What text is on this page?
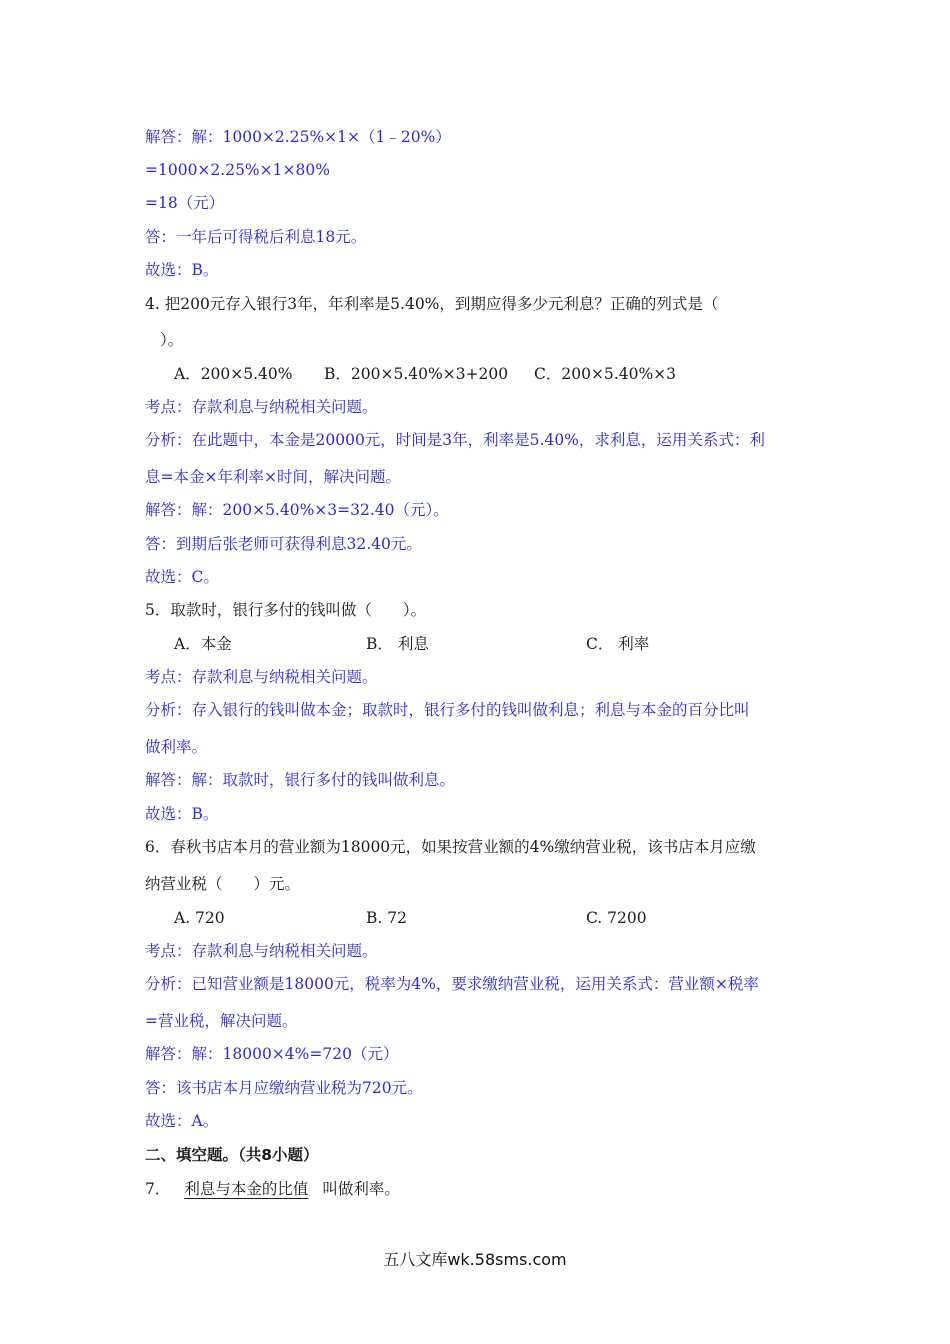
解答：解：1000×2.25%×1×（1﹣20%）
=1000×2.25%×1×80%
=18（元）
答：一年后可得税后利息18元。
故选：B。
4. 把200元存入银行3年，年利率是5.40%，到期应得多少元利息？正确的列式是（
）。
A．200×5.40% B．200×5.40%×3+200 C．200×5.40%×3
考点：存款利息与纳税相关问题。
分析：在此题中，本金是20000元，时间是3年，利率是5.40%，求利息，运用关系式：利
息=本金×年利率×时间，解决问题。
解答：解：200×5.40%×3=32.40（元）。
答：到期后张老师可获得利息32.40元。
故选：C。
5．取款时，银行多付的钱叫做（　　）。
A．本金	B． 利息	C． 利率
考点：存款利息与纳税相关问题。
分析：存入银行的钱叫做本金；取款时，银行多付的钱叫做利息；利息与本金的百分比叫
做利率。
解答：解：取款时，银行多付的钱叫做利息。
故选：B。
6．春秋书店本月的营业额为18000元，如果按营业额的4%缴纳营业税，该书店本月应缴
纳营业税（　　）元。
A. 720	B. 72	C. 7200
考点：存款利息与纳税相关问题。
分析：已知营业额是18000元，税率为4%，要求缴纳营业税，运用关系式：营业额×税率
=营业税，解决问题。
解答：解：18000×4%=720（元）
答：该书店本月应缴纳营业税为720元。
故选：A。
二、填空题。（共8小题）
7． 利息与本金的比值 叫做利率。
五八文库wk.58sms.com
